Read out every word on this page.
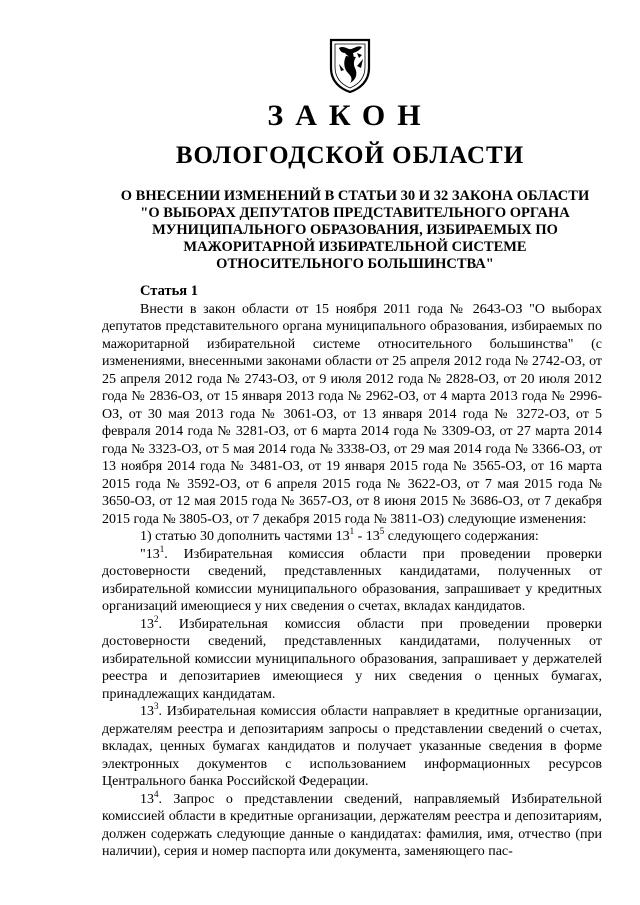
ЗАКОН
ВОЛОГОДСКОЙ ОБЛАСТИ
О ВНЕСЕНИИ ИЗМЕНЕНИЙ В СТАТЬИ 30 И 32 ЗАКОНА ОБЛАСТИ
"О ВЫБОРАХ ДЕПУТАТОВ ПРЕДСТАВИТЕЛЬНОГО ОРГАНА
МУНИЦИПАЛЬНОГО ОБРАЗОВАНИЯ, ИЗБИРАЕМЫХ ПО
МАЖОРИТАРНОЙ ИЗБИРАТЕЛЬНОЙ СИСТЕМЕ
ОТНОСИТЕЛЬНОГО БОЛЬШИНСТВА"
Статья 1

Внести в закон области от 15 ноября 2011 года № 2643-ОЗ "О выборах депутатов представительного органа муниципального образования, избираемых по мажоритарной избирательной системе относительного большинства" (с изменениями, внесенными законами области от 25 апреля 2012 года № 2742-ОЗ, от 25 апреля 2012 года № 2743-ОЗ, от 9 июля 2012 года № 2828-ОЗ, от 20 июля 2012 года № 2836-ОЗ, от 15 января 2013 года № 2962-ОЗ, от 4 марта 2013 года № 2996-ОЗ, от 30 мая 2013 года № 3061-ОЗ, от 13 января 2014 года № 3272-ОЗ, от 5 февраля 2014 года № 3281-ОЗ, от 6 марта 2014 года № 3309-ОЗ, от 27 марта 2014 года № 3323-ОЗ, от 5 мая 2014 года № 3338-ОЗ, от 29 мая 2014 года № 3366-ОЗ, от 13 ноября 2014 года № 3481-ОЗ, от 19 января 2015 года № 3565-ОЗ, от 16 марта 2015 года № 3592-ОЗ, от 6 апреля 2015 года № 3622-ОЗ, от 7 мая 2015 года № 3650-ОЗ, от 12 мая 2015 года № 3657-ОЗ, от 8 июня 2015 № 3686-ОЗ, от 7 декабря 2015 года № 3805-ОЗ, от 7 декабря 2015 года № 3811-ОЗ) следующие изменения:

1) статью 30 дополнить частями $13^1 - 13^5$ следующего содержания:

"$13^1$. Избирательная комиссия области при проведении проверки достоверности сведений, представленных кандидатами, полученных от избирательной комиссии муниципального образования, запрашивает у кредитных организаций имеющиеся у них сведения о счетах, вкладах кандидатов.

$13^2$. Избирательная комиссия области при проведении проверки достоверности сведений, представленных кандидатами, полученных от избирательной комиссии муниципального образования, запрашивает у держателей реестра и депозитариев имеющиеся у них сведения о ценных бумагах, принадлежащих кандидатам.

$13^3$. Избирательная комиссия области направляет в кредитные организации, держателям реестра и депозитариям запросы о представлении сведений о счетах, вкладах, ценных бумагах кандидатов и получает указанные сведения в форме электронных документов с использованием информационных ресурсов Центрального банка Российской Федерации.

$13^4$. Запрос о представлении сведений, направляемый Избирательной комиссией области в кредитные организации, держателям реестра и депозитариям, должен содержать следующие данные о кандидатах: фамилия, имя, отчество (при наличии), серия и номер паспорта или документа, заменяющего пас-
